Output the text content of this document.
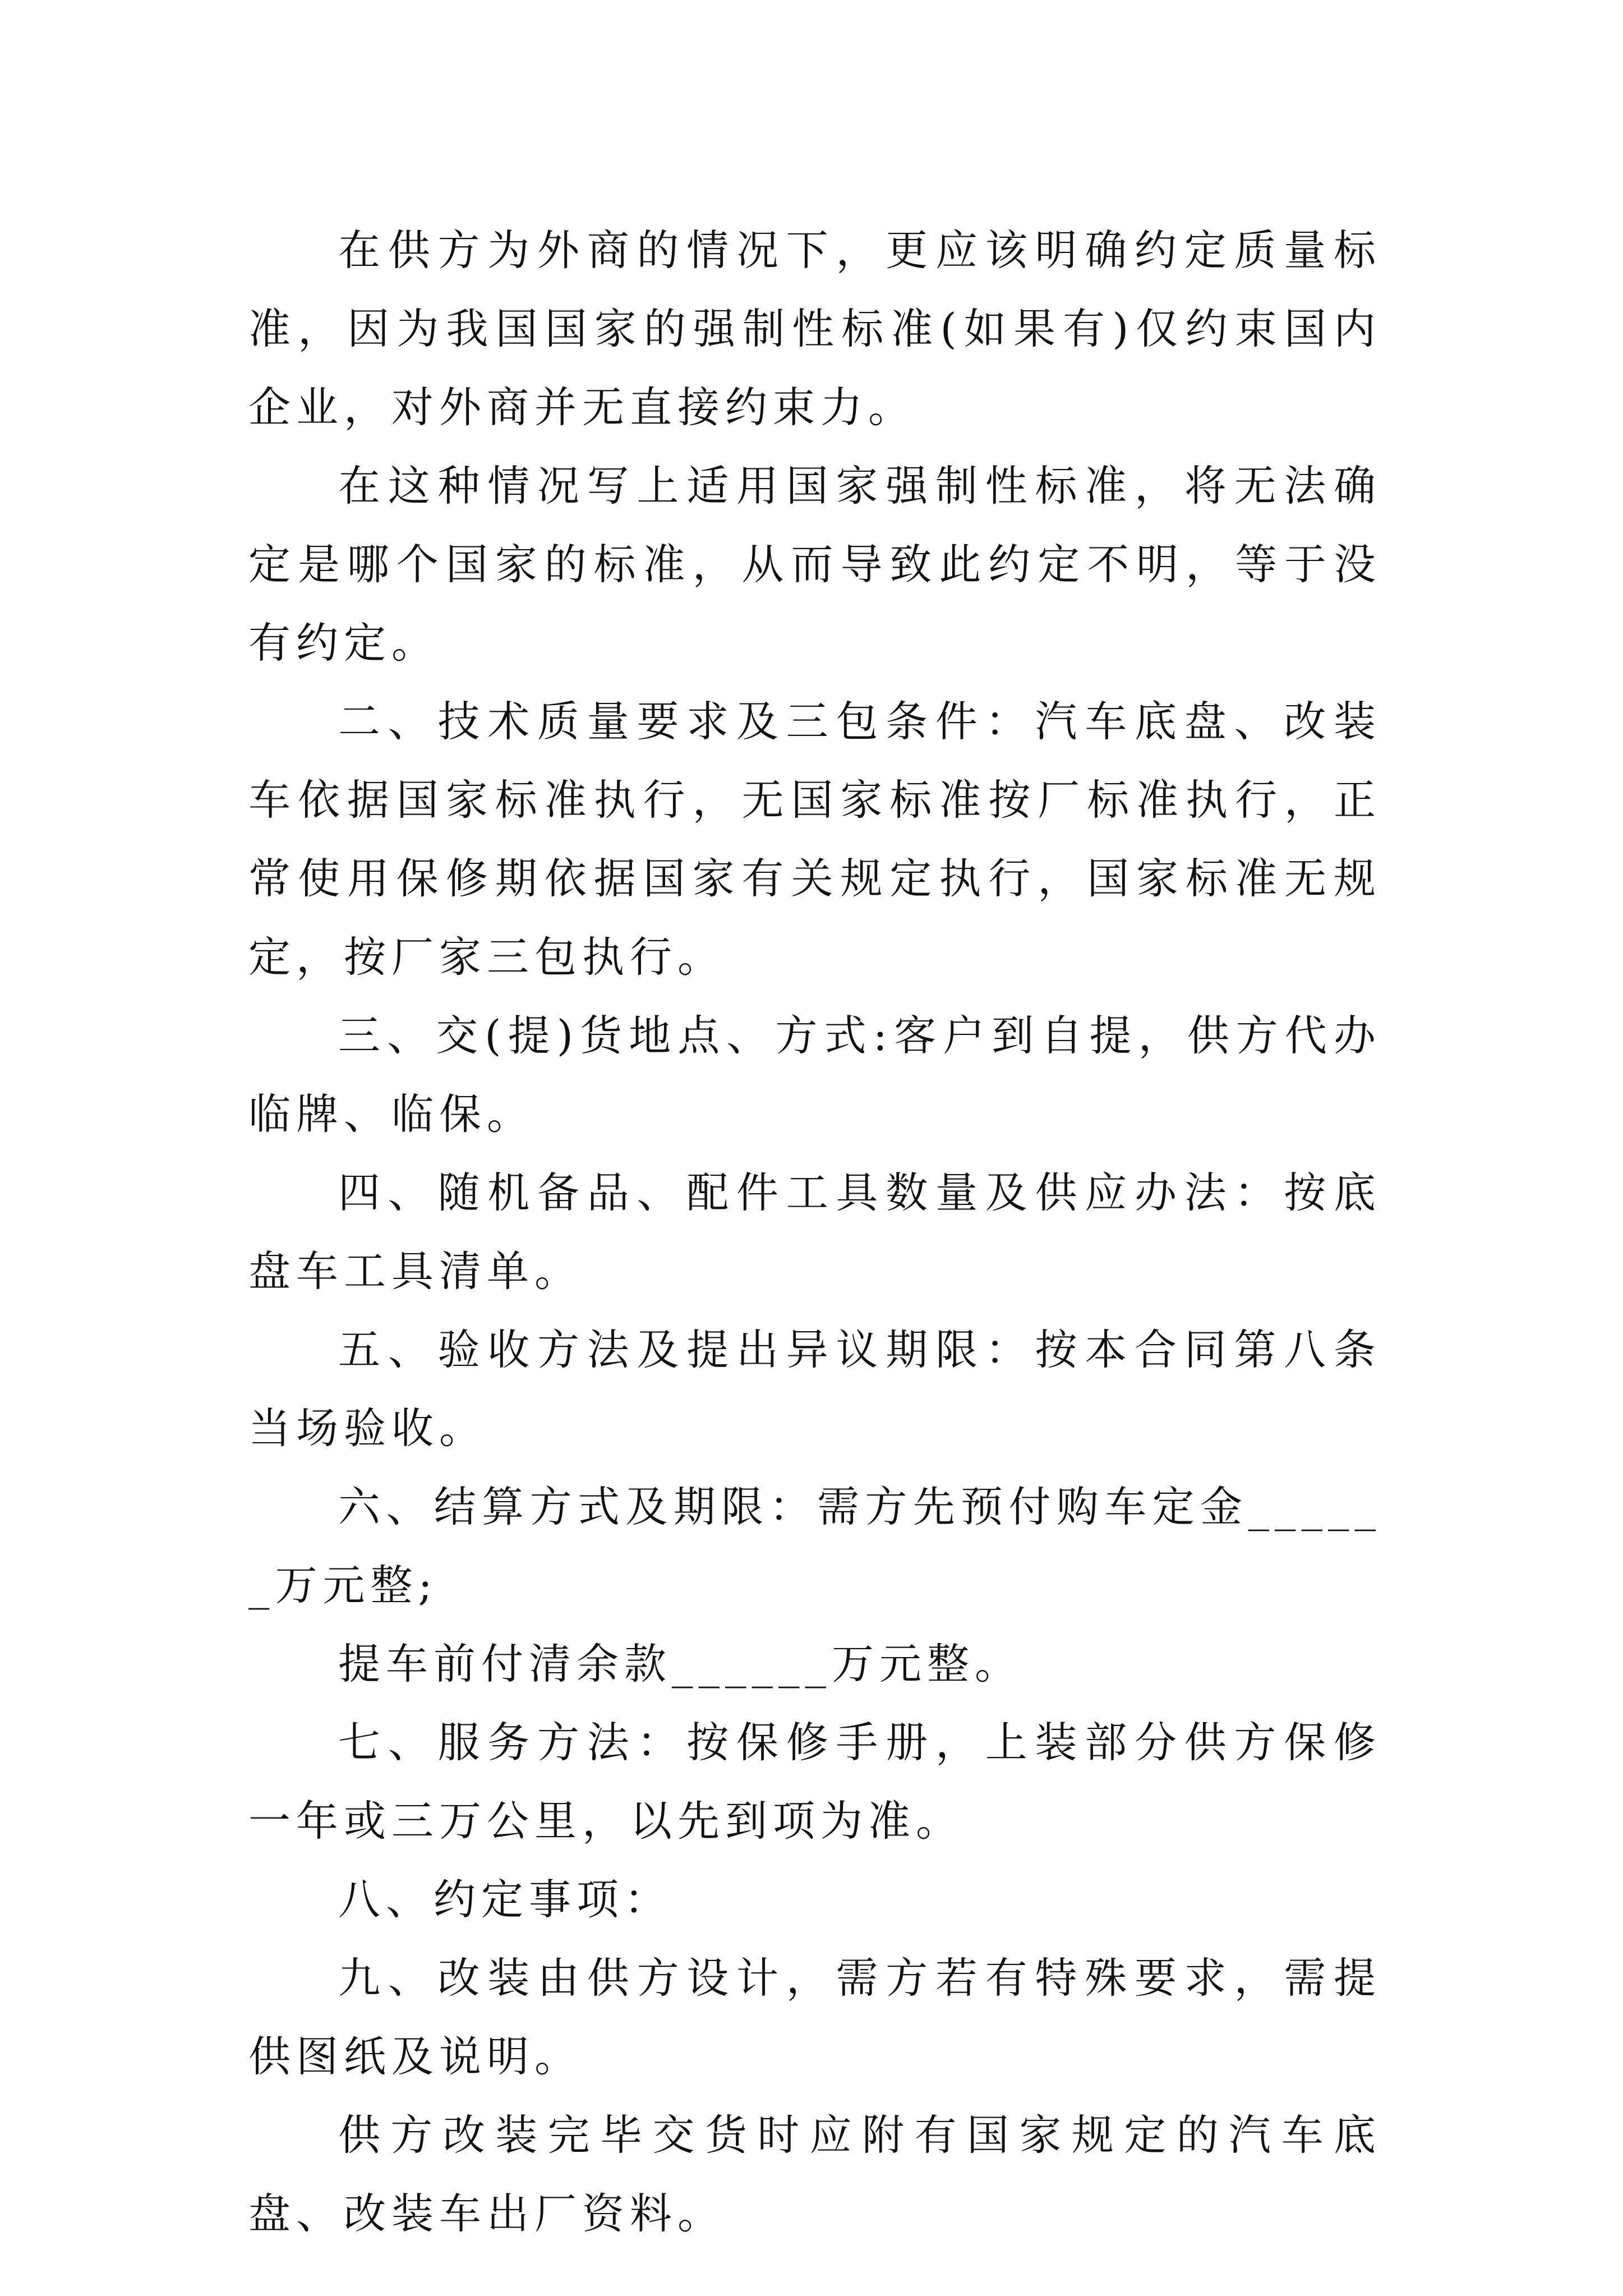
在供方为外商的情况下，更应该明确约定质量标准，因为我国国家的强制性标准(如果有)仅约束国内企业，对外商并无直接约束力。

在这种情况写上适用国家强制性标准，将无法确定是哪个国家的标准，从而导致此约定不明，等于没有约定。

二、技术质量要求及三包条件：汽车底盘、改装车依据国家标准执行，无国家标准按厂标准执行，正常使用保修期依据国家有关规定执行，国家标准无规定，按厂家三包执行。

三、交(提)货地点、方式:客户到自提，供方代办临牌、临保。

四、随机备品、配件工具数量及供应办法：按底盘车工具清单。

五、验收方法及提出异议期限：按本合同第八条当场验收。

六、结算方式及期限：需方先预付购车定金______万元整;

提车前付清余款______万元整。

七、服务方法：按保修手册，上装部分供方保修一年或三万公里，以先到项为准。

八、约定事项：

九、改装由供方设计，需方若有特殊要求，需提供图纸及说明。

供方改装完毕交货时应附有国家规定的汽车底盘、改装车出厂资料。
